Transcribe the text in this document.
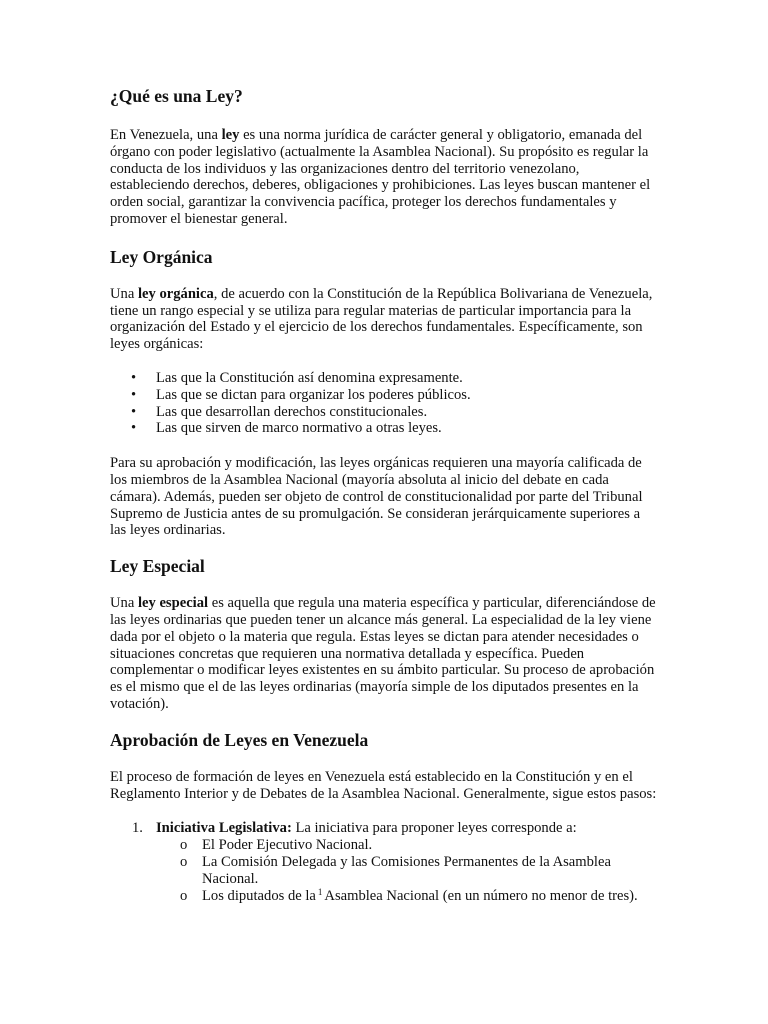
¿Qué es una Ley?

En Venezuela, una ley es una norma jurídica de carácter general y obligatorio, emanada del órgano con poder legislativo (actualmente la Asamblea Nacional). Su propósito es regular la conducta de los individuos y las organizaciones dentro del territorio venezolano, estableciendo derechos, deberes, obligaciones y prohibiciones. Las leyes buscan mantener el orden social, garantizar la convivencia pacífica, proteger los derechos fundamentales y promover el bienestar general.

Ley Orgánica

Una ley orgánica, de acuerdo con la Constitución de la República Bolivariana de Venezuela, tiene un rango especial y se utiliza para regular materias de particular importancia para la organización del Estado y el ejercicio de los derechos fundamentales. Específicamente, son leyes orgánicas:

• Las que la Constitución así denomina expresamente.
• Las que se dictan para organizar los poderes públicos.
• Las que desarrollan derechos constitucionales.
• Las que sirven de marco normativo a otras leyes.

Para su aprobación y modificación, las leyes orgánicas requieren una mayoría calificada de los miembros de la Asamblea Nacional (mayoría absoluta al inicio del debate en cada cámara). Además, pueden ser objeto de control de constitucionalidad por parte del Tribunal Supremo de Justicia antes de su promulgación. Se consideran jerárquicamente superiores a las leyes ordinarias.

Ley Especial

Una ley especial es aquella que regula una materia específica y particular, diferenciándose de las leyes ordinarias que pueden tener un alcance más general. La especialidad de la ley viene dada por el objeto o la materia que regula. Estas leyes se dictan para atender necesidades o situaciones concretas que requieren una normativa detallada y específica. Pueden complementar o modificar leyes existentes en su ámbito particular. Su proceso de aprobación es el mismo que el de las leyes ordinarias (mayoría simple de los diputados presentes en la votación).

Aprobación de Leyes en Venezuela

El proceso de formación de leyes en Venezuela está establecido en la Constitución y en el Reglamento Interior y de Debates de la Asamblea Nacional. Generalmente, sigue estos pasos:

1. Iniciativa Legislativa: La iniciativa para proponer leyes corresponde a:
o El Poder Ejecutivo Nacional.
o La Comisión Delegada y las Comisiones Permanentes de la Asamblea Nacional.
o Los diputados de la $^1$ Asamblea Nacional (en un número no menor de tres).
